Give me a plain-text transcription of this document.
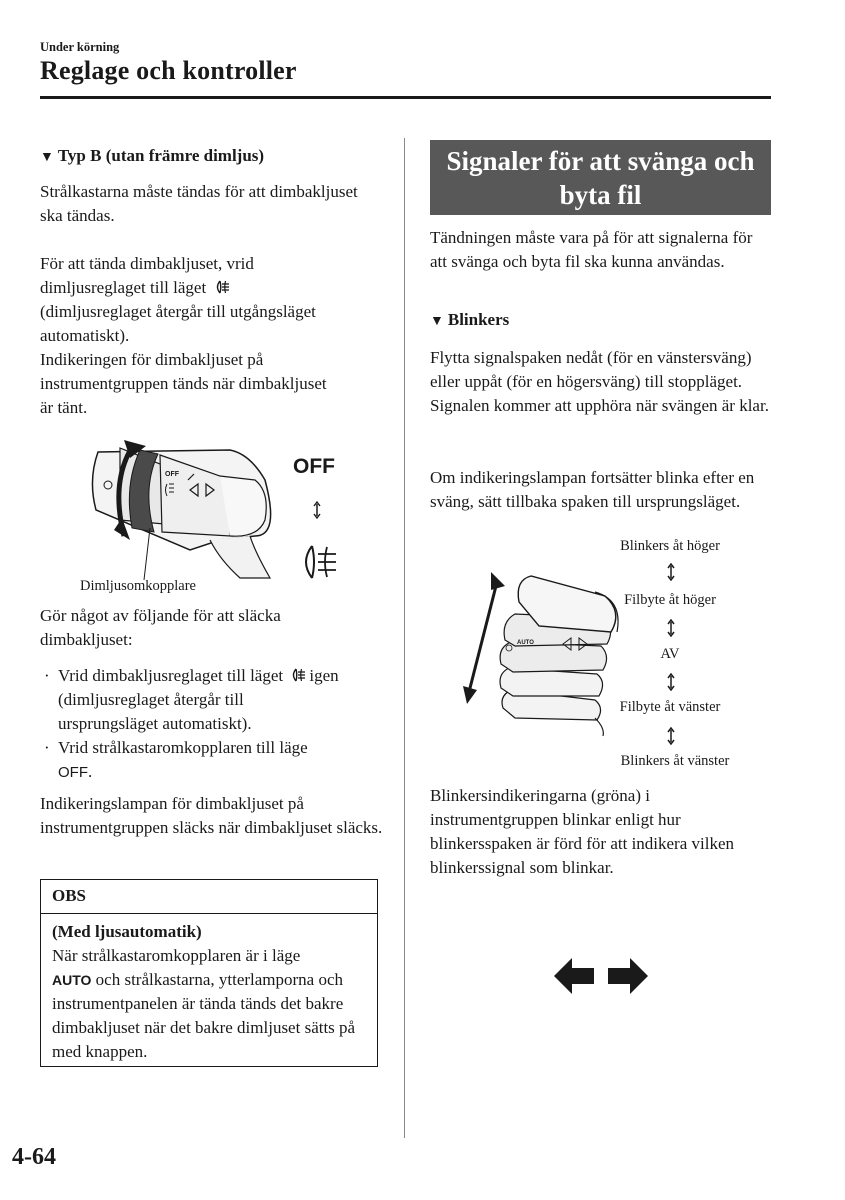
Under körning
Reglage och kontroller
▼ Typ B (utan främre dimljus)

Strålkastarna måste tändas för att dimbakljuset ska tändas.

För att tända dimbakljuset, vrid
dimljusreglaget till läget
(dimljusreglaget återgår till utgångsläget
automatiskt).
Indikeringen för dimbakljuset på
instrumentgruppen tänds när dimbakljuset
är tänt.
OFF	OFF
Dimljusomkopplare

Gör något av följande för att släcka dimbakljuset:

· Vrid dimbakljusreglaget till läget igen
(dimljusreglaget återgår till
ursprungsläget automatiskt).
· Vrid strålkastaromkopplaren till läge
OFF.

Indikeringslampan för dimbakljuset på instrumentgruppen släcks när dimbakljuset släcks.

OBS
(Med ljusautomatik)
När strålkastaromkopplaren är i läge
AUTO och strålkastarna, ytterlamporna och instrumentpanelen är tända tänds det bakre dimbakljuset när det bakre dimljuset sätts på med knappen.
Signaler för att svänga och byta fil

Tändningen måste vara på för att signalerna för att svänga och byta fil ska kunna användas.

▼ Blinkers

Flytta signalspaken nedåt (för en vänstersväng) eller uppåt (för en högersväng) till stoppläget. Signalen kommer att upphöra när svängen är klar.

Om indikeringslampan fortsätter blinka efter en sväng, sätt tillbaka spaken till ursprungsläget.

Blinkers åt höger
Filbyte åt höger
AV
Filbyte åt vänster
Blinkers åt vänster
AUTO

Blinkersindikeringarna (gröna) i instrumentgruppen blinkar enligt hur blinkersspaken är förd för att indikera vilken blinkerssignal som blinkar.

4-64
